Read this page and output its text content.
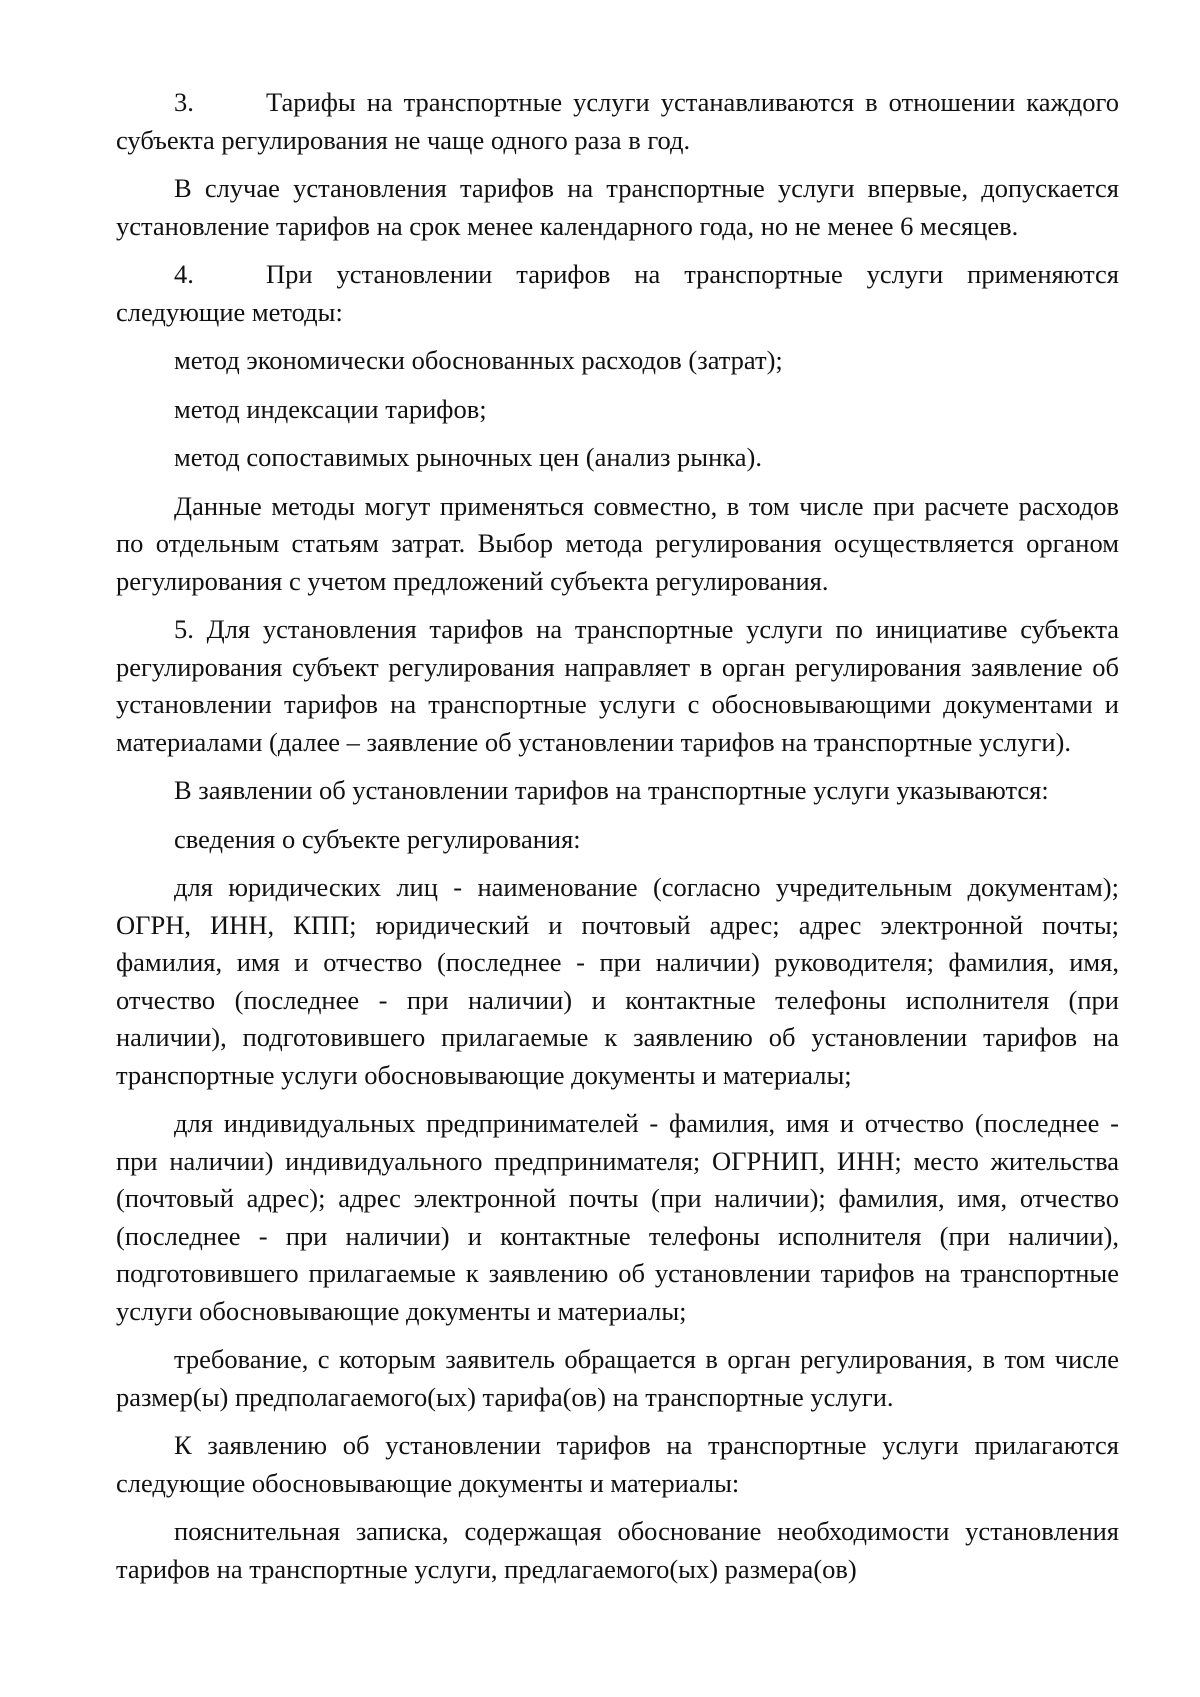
3.	Тарифы на транспортные услуги устанавливаются в отношении каждого субъекта регулирования не чаще одного раза в год.

В случае установления тарифов на транспортные услуги впервые, допускается установление тарифов на срок менее календарного года, но не менее 6 месяцев.

4.	При установлении тарифов на транспортные услуги применяются следующие методы:

метод экономически обоснованных расходов (затрат);

метод индексации тарифов;

метод сопоставимых рыночных цен (анализ рынка).

Данные методы могут применяться совместно, в том числе при расчете расходов по отдельным статьям затрат. Выбор метода регулирования осуществляется органом регулирования с учетом предложений субъекта регулирования.

5. Для установления тарифов на транспортные услуги по инициативе субъекта регулирования субъект регулирования направляет в орган регулирования заявление об установлении тарифов на транспортные услуги с обосновывающими документами и материалами (далее – заявление об установлении тарифов на транспортные услуги).

В заявлении об установлении тарифов на транспортные услуги указываются:

сведения о субъекте регулирования:

для юридических лиц - наименование (согласно учредительным документам); ОГРН, ИНН, КПП; юридический и почтовый адрес; адрес электронной почты; фамилия, имя и отчество (последнее - при наличии) руководителя; фамилия, имя, отчество (последнее - при наличии) и контактные телефоны исполнителя (при наличии), подготовившего прилагаемые к заявлению об установлении тарифов на транспортные услуги обосновывающие документы и материалы;

для индивидуальных предпринимателей - фамилия, имя и отчество (последнее - при наличии) индивидуального предпринимателя; ОГРНИП, ИНН; место жительства (почтовый адрес); адрес электронной почты (при наличии); фамилия, имя, отчество (последнее - при наличии) и контактные телефоны исполнителя (при наличии), подготовившего прилагаемые к заявлению об установлении тарифов на транспортные услуги обосновывающие документы и материалы;

требование, с которым заявитель обращается в орган регулирования, в том числе размер(ы) предполагаемого(ых) тарифа(ов) на транспортные услуги.

К заявлению об установлении тарифов на транспортные услуги прилагаются следующие обосновывающие документы и материалы:

пояснительная записка, содержащая обоснование необходимости установления тарифов на транспортные услуги, предлагаемого(ых) размера(ов)
